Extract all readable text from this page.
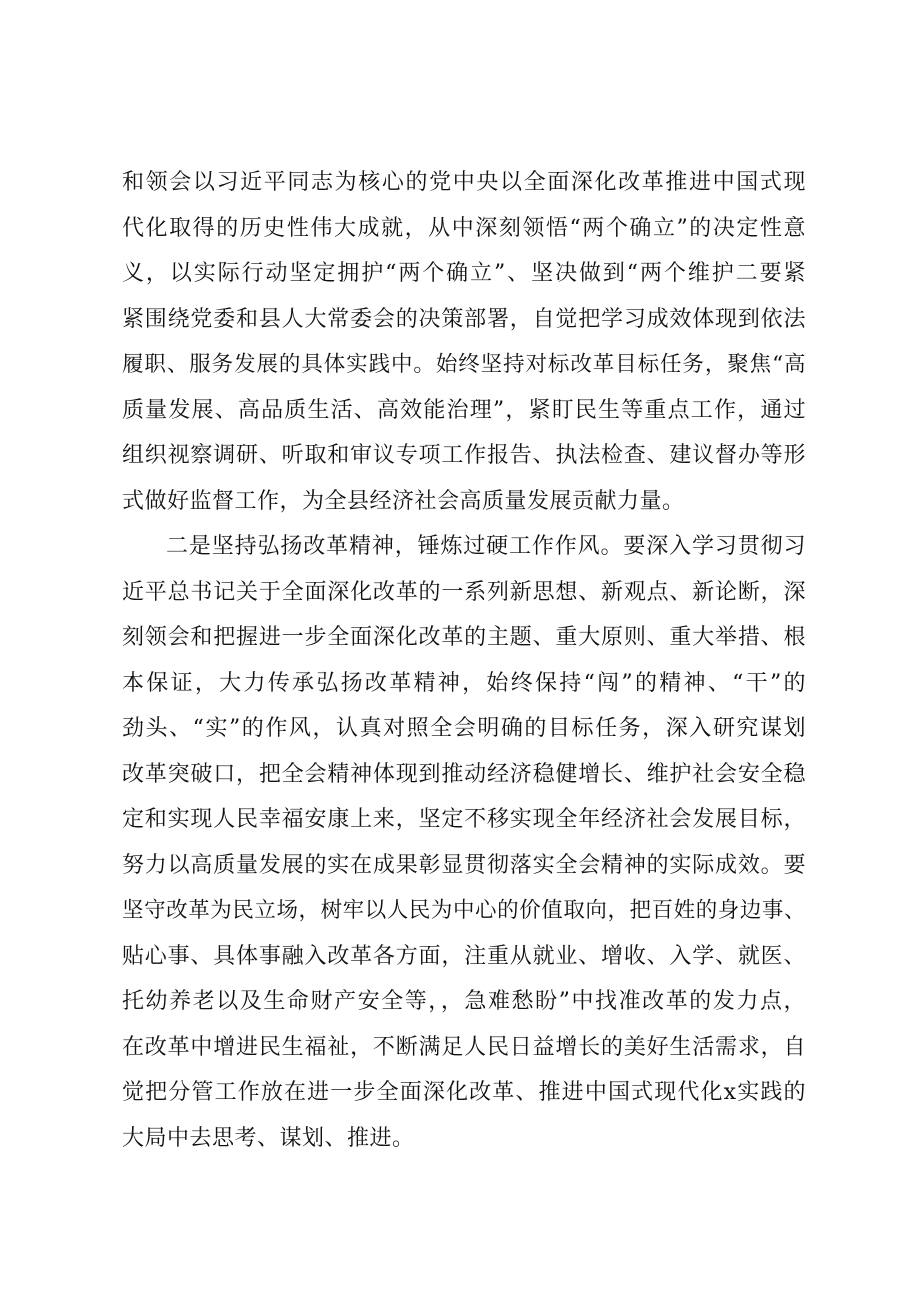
和领会以习近平同志为核心的党中央以全面深化改革推进中国式现
代化取得的历史性伟大成就，从中深刻领悟“两个确立”的决定性意
义，以实际行动坚定拥护“两个确立”、坚决做到“两个维护二要紧
紧围绕党委和县人大常委会的决策部署，自觉把学习成效体现到依法
履职、服务发展的具体实践中。始终坚持对标改革目标任务，聚焦“高
质量发展、高品质生活、高效能治理”，紧盯民生等重点工作，通过
组织视察调研、听取和审议专项工作报告、执法检查、建议督办等形
式做好监督工作，为全县经济社会高质量发展贡献力量。
二是坚持弘扬改革精神，锤炼过硬工作作风。要深入学习贯彻习
近平总书记关于全面深化改革的一系列新思想、新观点、新论断，深
刻领会和把握进一步全面深化改革的主题、重大原则、重大举措、根
本保证，大力传承弘扬改革精神，始终保持“闯”的精神、“干”的
劲头、“实”的作风，认真对照全会明确的目标任务，深入研究谋划
改革突破口，把全会精神体现到推动经济稳健增长、维护社会安全稳
定和实现人民幸福安康上来，坚定不移实现全年经济社会发展目标，
努力以高质量发展的实在成果彰显贯彻落实全会精神的实际成效。要
坚守改革为民立场，树牢以人民为中心的价值取向，把百姓的身边事、
贴心事、具体事融入改革各方面，注重从就业、增收、入学、就医、
托幼养老以及生命财产安全等，，急难愁盼”中找准改革的发力点，
在改革中增进民生福祉，不断满足人民日益增长的美好生活需求，自
觉把分管工作放在进一步全面深化改革、推进中国式现代化x实践的
大局中去思考、谋划、推进。
